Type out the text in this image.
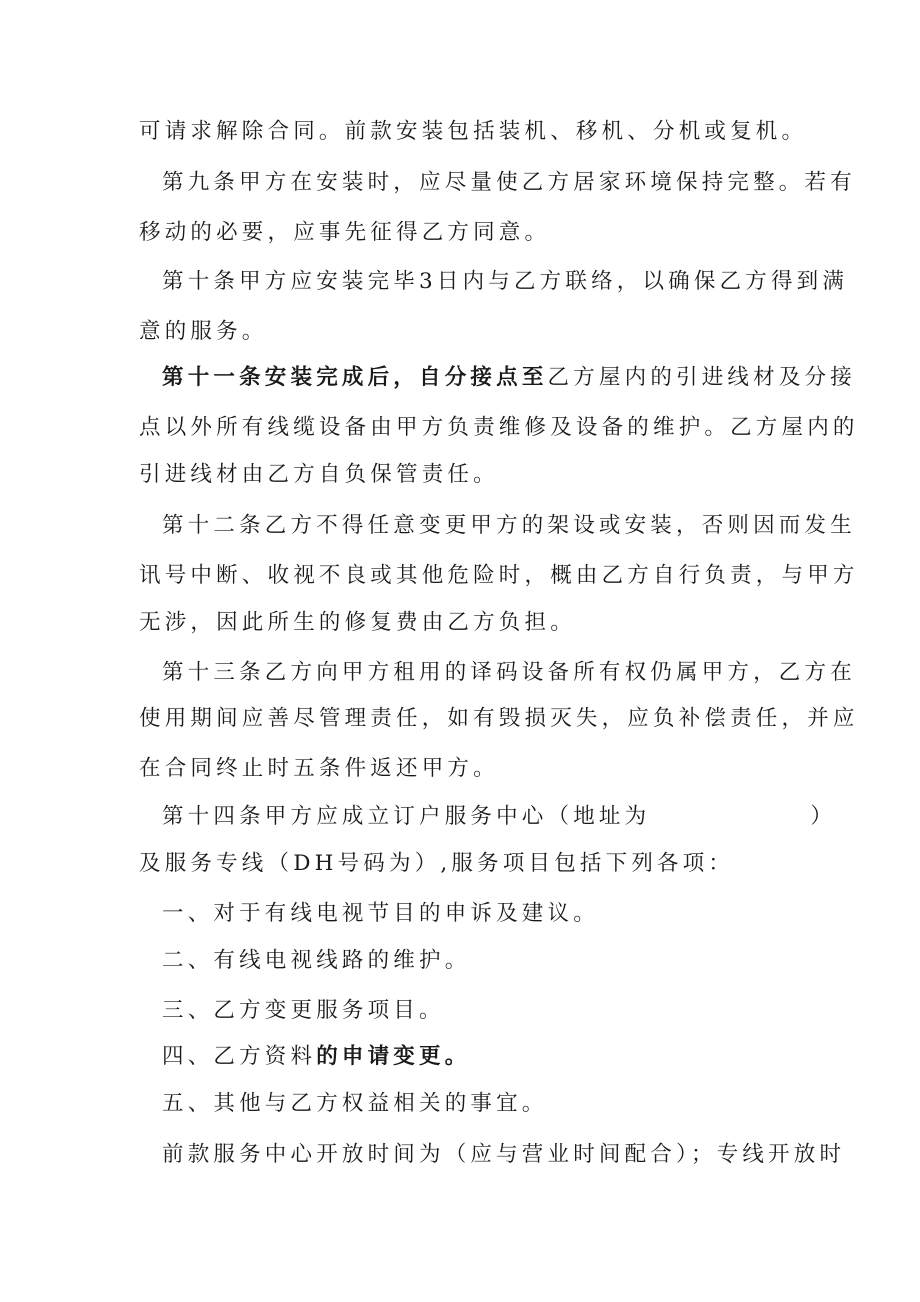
可请求解除合同。前款安装包括装机、移机、分机或复机。
第九条甲方在安装时，应尽量使乙方居家环境保持完整。若有
移动的必要，应事先征得乙方同意。
第十条甲方应安装完毕3日内与乙方联络，以确保乙方得到满
意的服务。
第十一条安装完成后，自分接点至乙方屋内的引进线材及分接
点以外所有线缆设备由甲方负责维修及设备的维护。乙方屋内的
引进线材由乙方自负保管责任。
第十二条乙方不得任意变更甲方的架设或安装，否则因而发生
讯号中断、收视不良或其他危险时，概由乙方自行负责，与甲方
无涉，因此所生的修复费由乙方负担。
第十三条乙方向甲方租用的译码设备所有权仍属甲方，乙方在
使用期间应善尽管理责任，如有毁损灭失，应负补偿责任，并应
在合同终止时五条件返还甲方。
第十四条甲方应成立订户服务中心（地址为	）
及服务专线（DH号码为）,服务项目包括下列各项：
一、对于有线电视节目的申诉及建议。
二、有线电视线路的维护。
三、乙方变更服务项目。
四、乙方资料的申请变更。
五、其他与乙方权益相关的事宜。
前款服务中心开放时间为（应与营业时间配合）；专线开放时
